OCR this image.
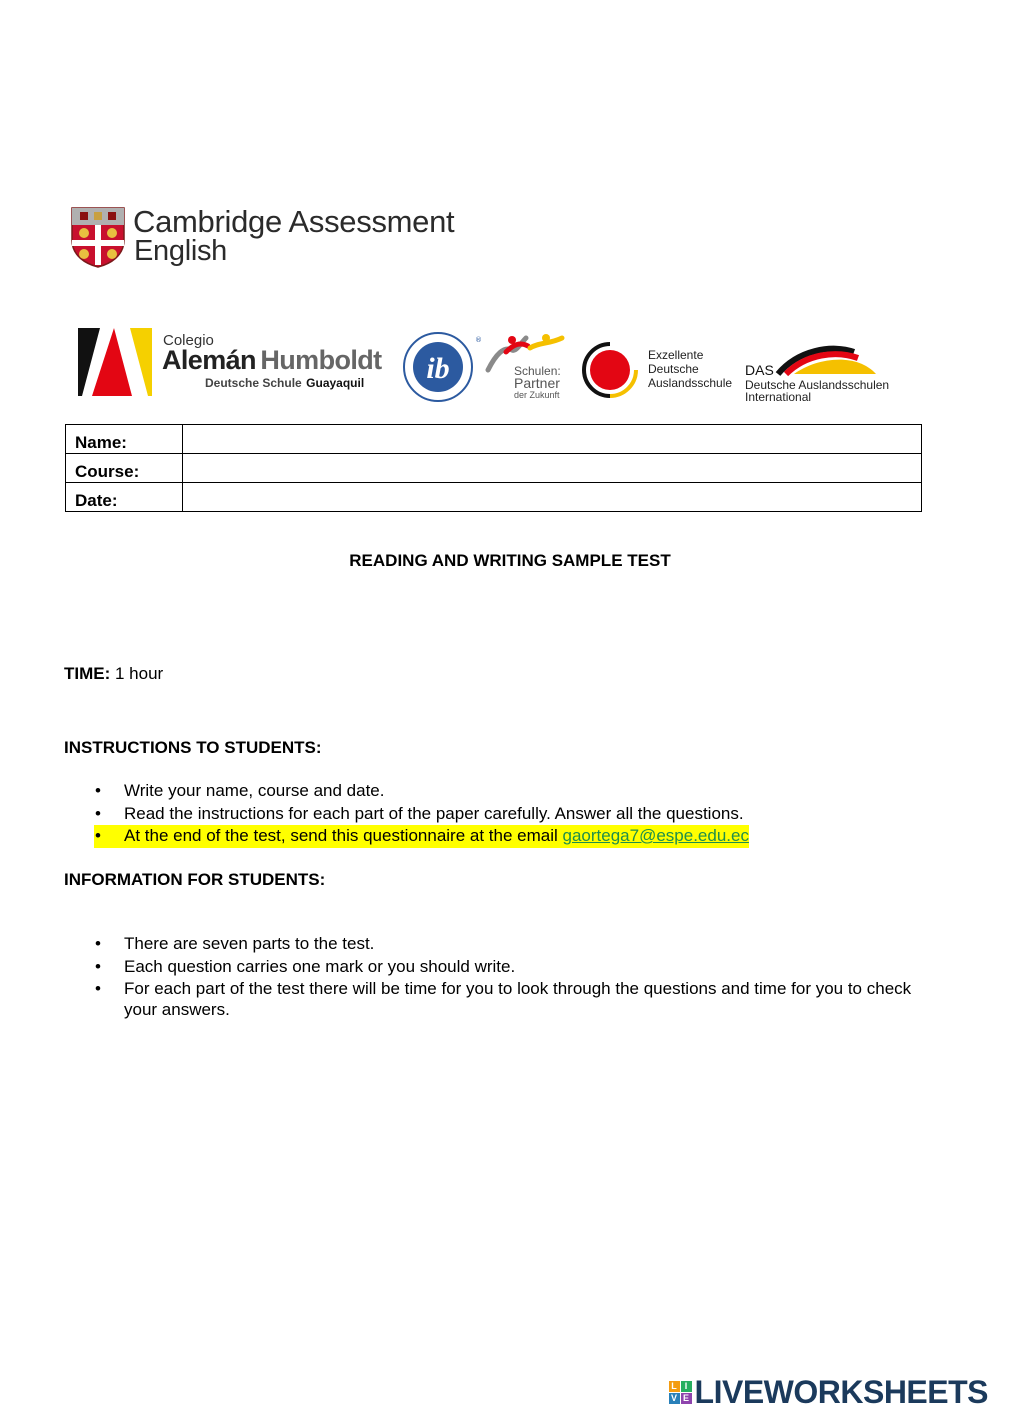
Cambridge Assessment
English
Colegio
Alemán Humboldt
Deutsche Schule Guayaquil ib
®
Schulen:
Partner
der Zukunft
Exzellente
Deutsche
Auslandsschule
DAS
Deutsche Auslandsschulen
International
Name:	
Course:	
Date:	
READING AND WRITING SAMPLE TEST
TIME: 1 hour
INSTRUCTIONS TO STUDENTS:
• Write your name, course and date.
• Read the instructions for each part of the paper carefully. Answer all the questions.
• At the end of the test, send this questionnaire at the email gaortega7@espe.edu.ec
INFORMATION FOR STUDENTS:
• There are seven parts to the test.
• Each question carries one mark or you should write.
• For each part of the test there will be time for you to look through the questions and time for you to check your answers.
L I
V E LIVEWORKSHEETS
